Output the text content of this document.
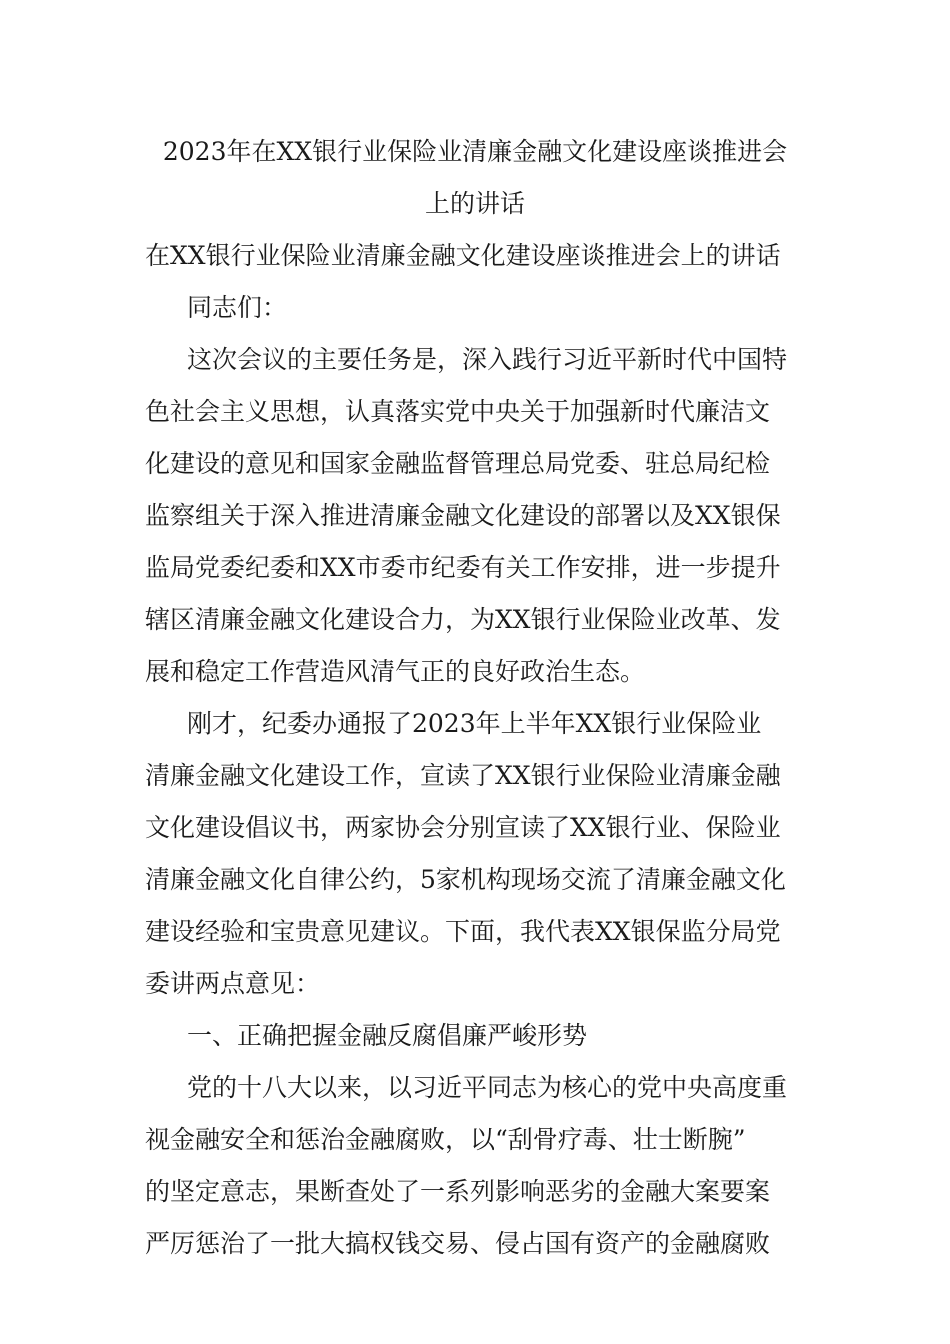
2023年在XX银行业保险业清廉金融文化建设座谈推进会
上的讲话
在XX银行业保险业清廉金融文化建设座谈推进会上的讲话
同志们：
这次会议的主要任务是，深入践行习近平新时代中国特
色社会主义思想，认真落实党中央关于加强新时代廉洁文
化建设的意见和国家金融监督管理总局党委、驻总局纪检
监察组关于深入推进清廉金融文化建设的部署以及XX银保
监局党委纪委和XX市委市纪委有关工作安排，进一步提升
辖区清廉金融文化建设合力，为XX银行业保险业改革、发
展和稳定工作营造风清气正的良好政治生态。
刚才，纪委办通报了2023年上半年XX银行业保险业
清廉金融文化建设工作，宣读了XX银行业保险业清廉金融
文化建设倡议书，两家协会分别宣读了XX银行业、保险业
清廉金融文化自律公约，5家机构现场交流了清廉金融文化
建设经验和宝贵意见建议。下面，我代表XX银保监分局党
委讲两点意见：
一、正确把握金融反腐倡廉严峻形势
党的十八大以来，以习近平同志为核心的党中央高度重
视金融安全和惩治金融腐败，以“刮骨疗毒、壮士断腕”
的坚定意志，果断查处了一系列影响恶劣的金融大案要案
严厉惩治了一批大搞权钱交易、侵占国有资产的金融腐败
